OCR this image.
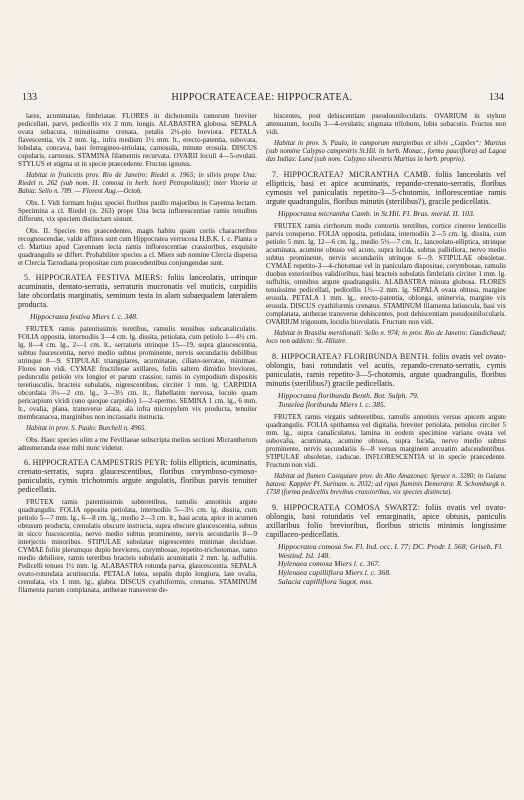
133	HIPPOCRATEACEAE: HIPPOCRATEA.	134

lares, acuminatae, fimbriatae. FLORES in dichotomiis ramorum breviter pedicellati, parvi, pedicellis vix 2 mm. longis. ALABASTRA globosa. SEPALA ovata subacuta, minutissime crenata, petalis 2½-plo breviora. PETALA flavescentia, vix 2 mm. lg., infra medium 1½ mm. lt., erecto-patentia, subovata, lobulata, concava, basi ferrugineo-striolata, carnosula, minute erosula. DISCUS cupularis, carnosus. STAMINA filamentis recurvata. OVARII loculi 4—5-ovulati. STYLUS et stigma ut in specie praecedente. Fructus ignotus.

Habitat in fruticetis prov. Rio de Janeiro: Riedel n. 1965; in silvis prope Una: Riedel n. 262 (sub nom. H. comosa in herb. horti Petropolitani); inter Vitoria et Bahia: Sello n. 789. — Florent Aug.—Octob.

Obs. I. Vidi formam hujus speciei floribus paullo majoribus in Cayenna lectam. Specimina a cl. Riedel (n. 263) prope Una lecta inflorescentiae ramis tenuibus differunt, vix speciem distinctam sistunt.

Obs. II. Species tres praecedentes, magis habitu quam certis characteribus recognoscendae, valde affines sunt cum Hippocratea verrucosa H.B.K. l. c. Planta a cl. Martius apud Cayennam lecta ramis inflorescentiae crassioribus, exquisite quadrangulis se differt. Probabiliter species a cl. Miers sub nomine Clercia dispersa et Clercia Tarrodiana propositae cum praecedentibus conjungendae sunt.

5. HIPPOCRATEA FESTIVA MIERS: foliis lanceolatis, utrinque acuminatis, dentato-serratis, serraturis mucronatis vel muticis, carpidiis late obcordatis marginatis, seminum testa in alam subaequalem lateralem producta.

Hippocratea festiva Miers l. c. 348.

FRUTEX ramis patentissimis teretibus, ramulis tenuibus subcanaliculatis. FOLIA opposita, internodiis 3—4 cm. lg. dissita, petiolata, cum petiolo 1—4½ cm. lg. 8—4 cm. lg., 2—1 cm. lt., serraturis utrinque 15—19, supra glaucescentia, subtus fuscescentia, nervo medio subtus prominente, nervis secundariis debilibus utrinque 8—9. STIPULAE triangulares, acuminatae, ciliato-serratae, minimae. Flores non vidi. CYMAE fructiferae axillares, foliis saltem dimidio breviores, pedunculis petiolo vix longior et parum crassior, ramis in cympodium dispositis teretiusculis, bracteis subulatis, nigrescentibus, circiter 1 mm. lg. CARPIDIA obcordata 3½—2 cm. lg., 3—3½ cm. lt., flabellatim nervosa, loculo quam pericarpium viridi (uno quoque carpidio) 1—2-spermo. SEMINA 1 cm. lg., 6 mm. lt., ovalia, plana, transverse alata, ala infra micropylem vix producta, tenuiter membranacea, marginibus non incrassatis instructa.

Habitat in prov. S. Paulo: Burchell n. 4965.

Obs. Haec species olim a me Fevillaeae subscripta melius sectioni Micrantherum adnumeranda esse mihi nunc videtur.

6. HIPPOCRATEA CAMPESTRIS PEYR: foliis ellipticis, acuminatis, crenato-serratis, supra glaucescentibus, floribus corymboso-cymoso-paniculatis, cymis trichotomis argute angulatis, floribus parvis tenuiter pedicellatis.

FRUTEX ramis patentissimis subteretibus, ramulis annotinis argute quadrangulis. FOLIA opposita petiolata, internodiis 5—3½ cm. lg. dissita, cum petiolo 5—7 mm. lg., 6—8 cm. lg., medio 2—3 cm. lt., basi acuta, apice in acumen obtusum producta, crenulatis obscure instructa, supra obscure glaucescentia, subtus in sicco fuscescentia, nervo medio subtus prominente, nervis secundariis 8—9 interjectis minoribus. STIPULAE subulatae nigrescentes minimae deciduae. CYMAE foliis plerumque duplo breviores, corymbosae, repetito-trichotomae, ramo medio debiliore, ramis teretibus bracteis subulatis acuminatis 2 mm. lg. suffultis. Pedicelli tenues 1½ mm. lg. ALABASTRA rotunda parva, glaucescentia. SEPALA ovato-rotundata acutiuscula. PETALA lutea, sepalis duplo longiora, late ovalia, crenulata, vix 1 mm. lg., glabra. DISCUS cyathiformis, crenatus. STAMINUM filamenta parum complanata, antherae transverse de-

hiscentes, post dehiscentiam pseudounilocularis. OVARIUM in stylum attenuatum, loculis 3—4-ovulatis; stigmata trilobum, lobis subacutis. Fructus non vidi.

Habitat in prov. S. Paulo, in camporum marginibus et silvis „Capões“: Martius (sub nomine Calypso campestris St.Hil. in herb. Monac., forma pauciflora) ad Lagoa das Indias: Lund (sub nom. Calypso silvestris Martius in herb. proprio).

7. HIPPOCRATEA? MICRANTHA CAMB. foliis lanceolatis vel ellipticis, basi et apice acuminatis, repando-crenato-serratis, floribus cymosis vel paniculatis repetito-3—5-chotomis, inflorescentiae ramis argute quadrangulis, floribus minutis (sterilibus?), gracile pedicellatis.

Hippocratea micrantha Camb. in St.Hil. Fl. Bras. merid. II. 103.

FRUTEX ramis cirrhorum modo contortis teretibus, cortice cinereo lenticellis parvis consperso. FOLIA opposita, petiolata, internodiis 2—5 cm. lg. dissita, cum petiolo 5 mm. lg. 12—6 cm. lg., medio 5½—7 cm. lt., lanceolato-elliptica, utrinque acuminata, acumine obtuso vel acuto, supra lucida, subtus pallidiora, nervo medio subtus prominente, nervis secundariis utrinque 6—9. STIPULAE obsoletae. CYMAE repetito-3—4-chotomae vel in paniculam dispositae, corymbosae, ramulis duobus exterioribus validioribus, basi bracteis subulatis fimbriatis circiter 1 mm. lg. suffultis, omnibus argute quadrangulis. ALABASTRA minuta globosa. FLORES tenuissime pedicellati, pedicellis 1½—2 mm. lg. SEPALA ovata obtusa, margine erosula. PETALA 1 mm. lg., erecto-patentia, oblonga, uninervia, margine vix erosula. DISCUS cyathiformis crenatus. STAMINUM filamenta latiuscula, basi vix complanata, antherae transverse dehiscentes, post dehiscentiam pseudounilocularis. OVARIUM trigonum, loculis biovulatis. Fructum non vidi.

Habitat in Brasilia meridionali: Sello n. 974; in prov. Rio de Janeiro: Gaudichaud; loco non addicto: St.-Hilaire.

8. HIPPOCRATEA? FLORIBUNDA BENTH. foliis ovatis vel ovato-oblongis, basi rotundatis vel acutis, repando-crenato-serratis, cymis paniculatis, ramis repetito-3—5-chotomis, argute quadrangulis, floribus minutis (sterilibus?) gracile pedicellatis.

Hippocratea floribunda Benth. Bot. Sulph. 79.

Tontelea floribunda Miers l. c. 385.

FRUTEX ramis virgatis subteretibus, ramulis annotinis versus apicem argute quadrangulis. FOLIA spithamea vel digitalia, breviter petiolata, petiolus circiter 5 mm. lg., supra canaliculatus, lamina in eodem specimine varians ovata vel subovalia, acuminata, acumine obtuso, supra lucida, nervo medio subtus prominente, nervis secundariis 6—8 versus marginem arcuatim adscendentibus. STIPULAE obsoletae, caducae. INFLORESCENTIA ut in specie praecedente. Fructum non vidi.

Habitat ad flumen Casiquiare prov. do Alto Amazonas: Spruce n. 3280; in Guiana batava: Kappler Pl. Surinam. n. 2032; ad ripas fluminis Demerara: R. Schomburgk n. 1738 (forma pedicellis brevibus crassioribus, vix species distincta).

9. HIPPOCRATEA COMOSA SWARTZ: foliis ovatis vel ovato-oblongis, basi rotundatis vel emarginatis, apice obtusis, paniculis axillaribus folio brevioribus, floribus strictis minimis longissime capillaceo-pedicellatis.

Hippocratea comosa Sw. Fl. Ind. occ. I. 77; DC. Prodr. I. 568; Griseb. Fl. Westind. Isl. 148.

Hylenaea comosa Miers l. c. 367.

Hylenaea capilliflora Miers l. c. 368.

Salacia capilliflora Sagot, mss.
